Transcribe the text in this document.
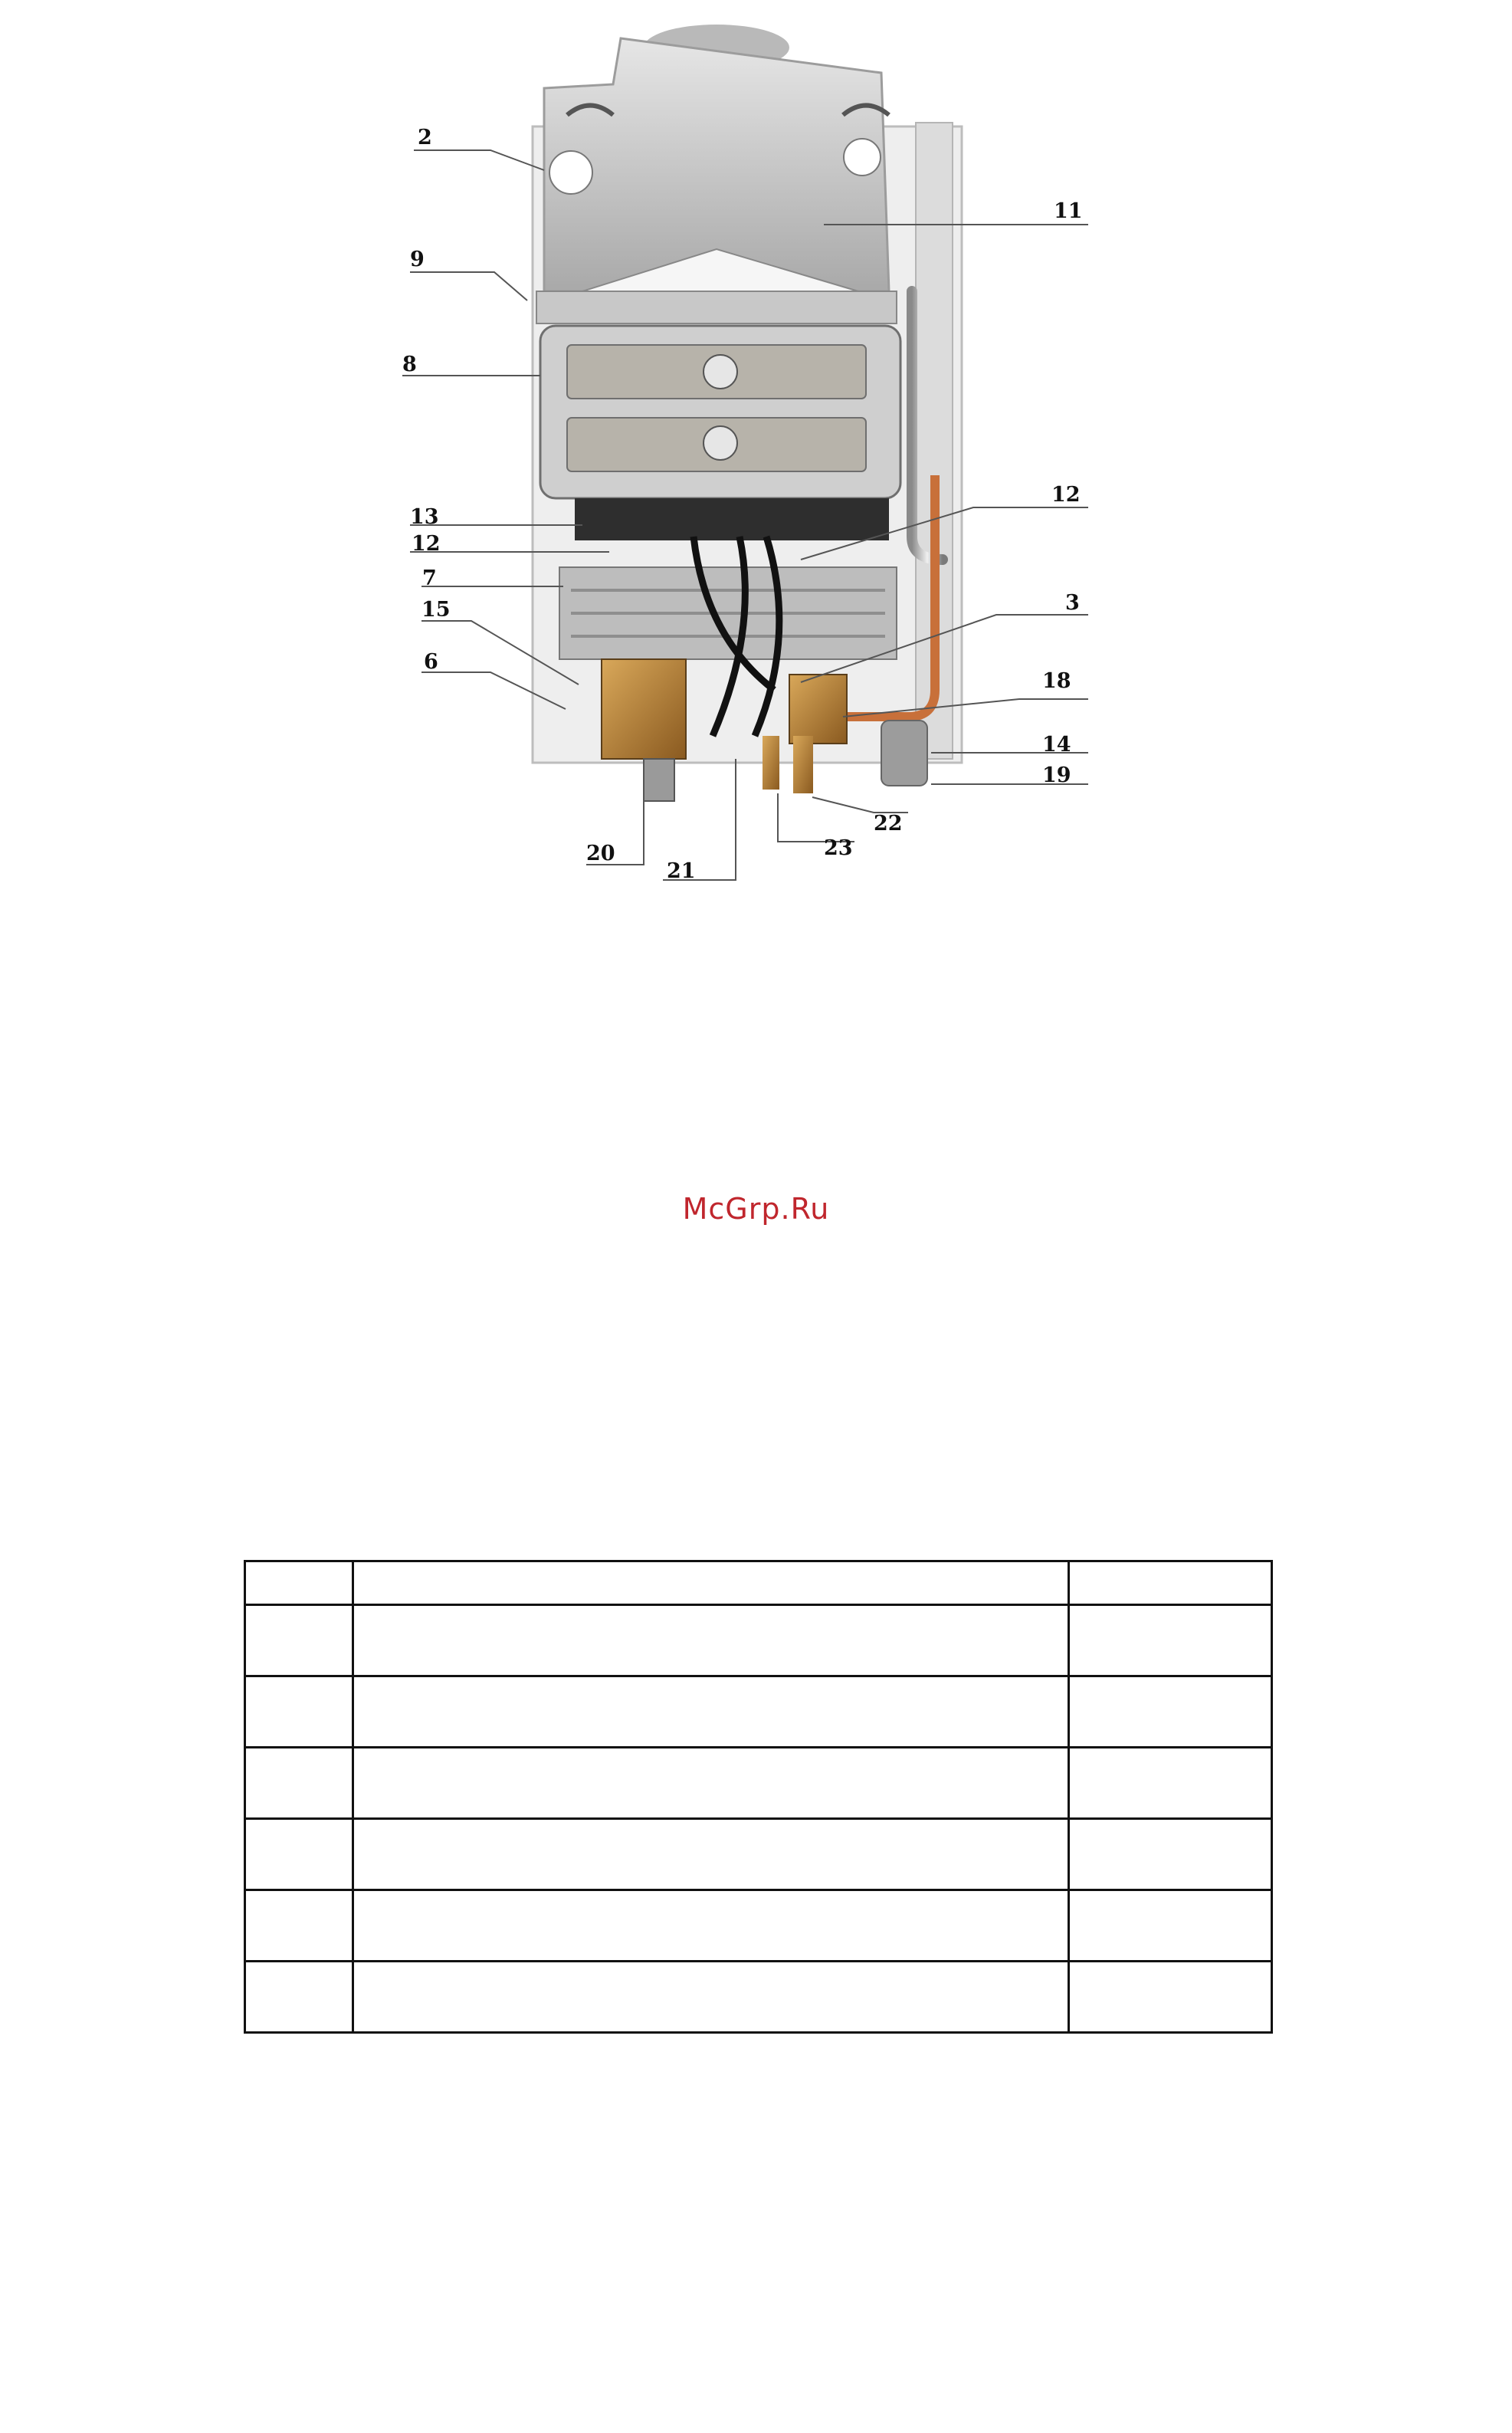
2
9
8
13
12
7
15
6
11
12
3
18
14
19
22
23
20
21
McGrp.Ru
